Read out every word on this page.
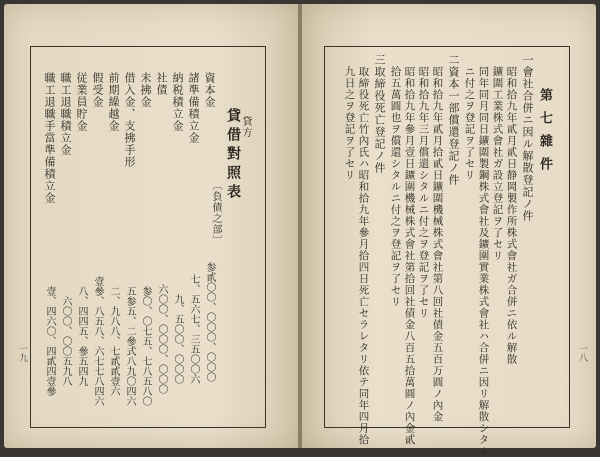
貸借對照表 貸方
〔負債之部〕
資本金
参貳〇〇、〇〇〇、〇〇〇
諸準備積立金
七、五六七、三五〇〇六
納税積立金
九、五〇〇、〇〇〇
社債
六〇〇、〇〇〇、〇〇〇
未拂金
参〇、〇七五、七八五八〇
借入金、支拂手形
五参五、二參式八九〇四六
前期繰越金
二、九八八、七貳貳壹六
假受金
壹參、八五八、六七七八四六
従業員貯金
八、四四五、參五四九
職工退職積立金
六〇〇、〇〇五九八
職工退職手當準備積立金
壹、四六〇、四貳四壹參
一九
第七雜件
一會社合併ニ因ル解散登記ノ件
昭和拾九年貳月貳日静岡製作所株式會社ガ合併ニ依ル解散
鑛圍工業株式會社ガ設立登記ヲ了セリ
同年同月同日鑛圍製鋼株式會社及鑛圍實業株式會社ハ合併ニ因リ解散シタル
ニ付之ヲ登記ヲ了セリ
二資本一部償還登記ノ件
昭和拾九年貳月拾貳日鑛圍機械株式會社第八回社債金五百万圓ノ內金
昭和拾九年三月償還シタルニ付之ヲ登記ヲ了セリ
昭和拾九年參月壹日鑛圍機械株式會社第拾回社債金八百五拾萬圓ノ內金貳
拾五萬圓也ヲ償還シタルニ付之ヲ登記ヲ了セリ
三取締役死亡登記ノ件
取締役死亡竹內氏ハ昭和拾九年參月拾四日死亡セラレタリ依テ同年四月拾
九日之ヲ登記ヲ了セリ
一八
